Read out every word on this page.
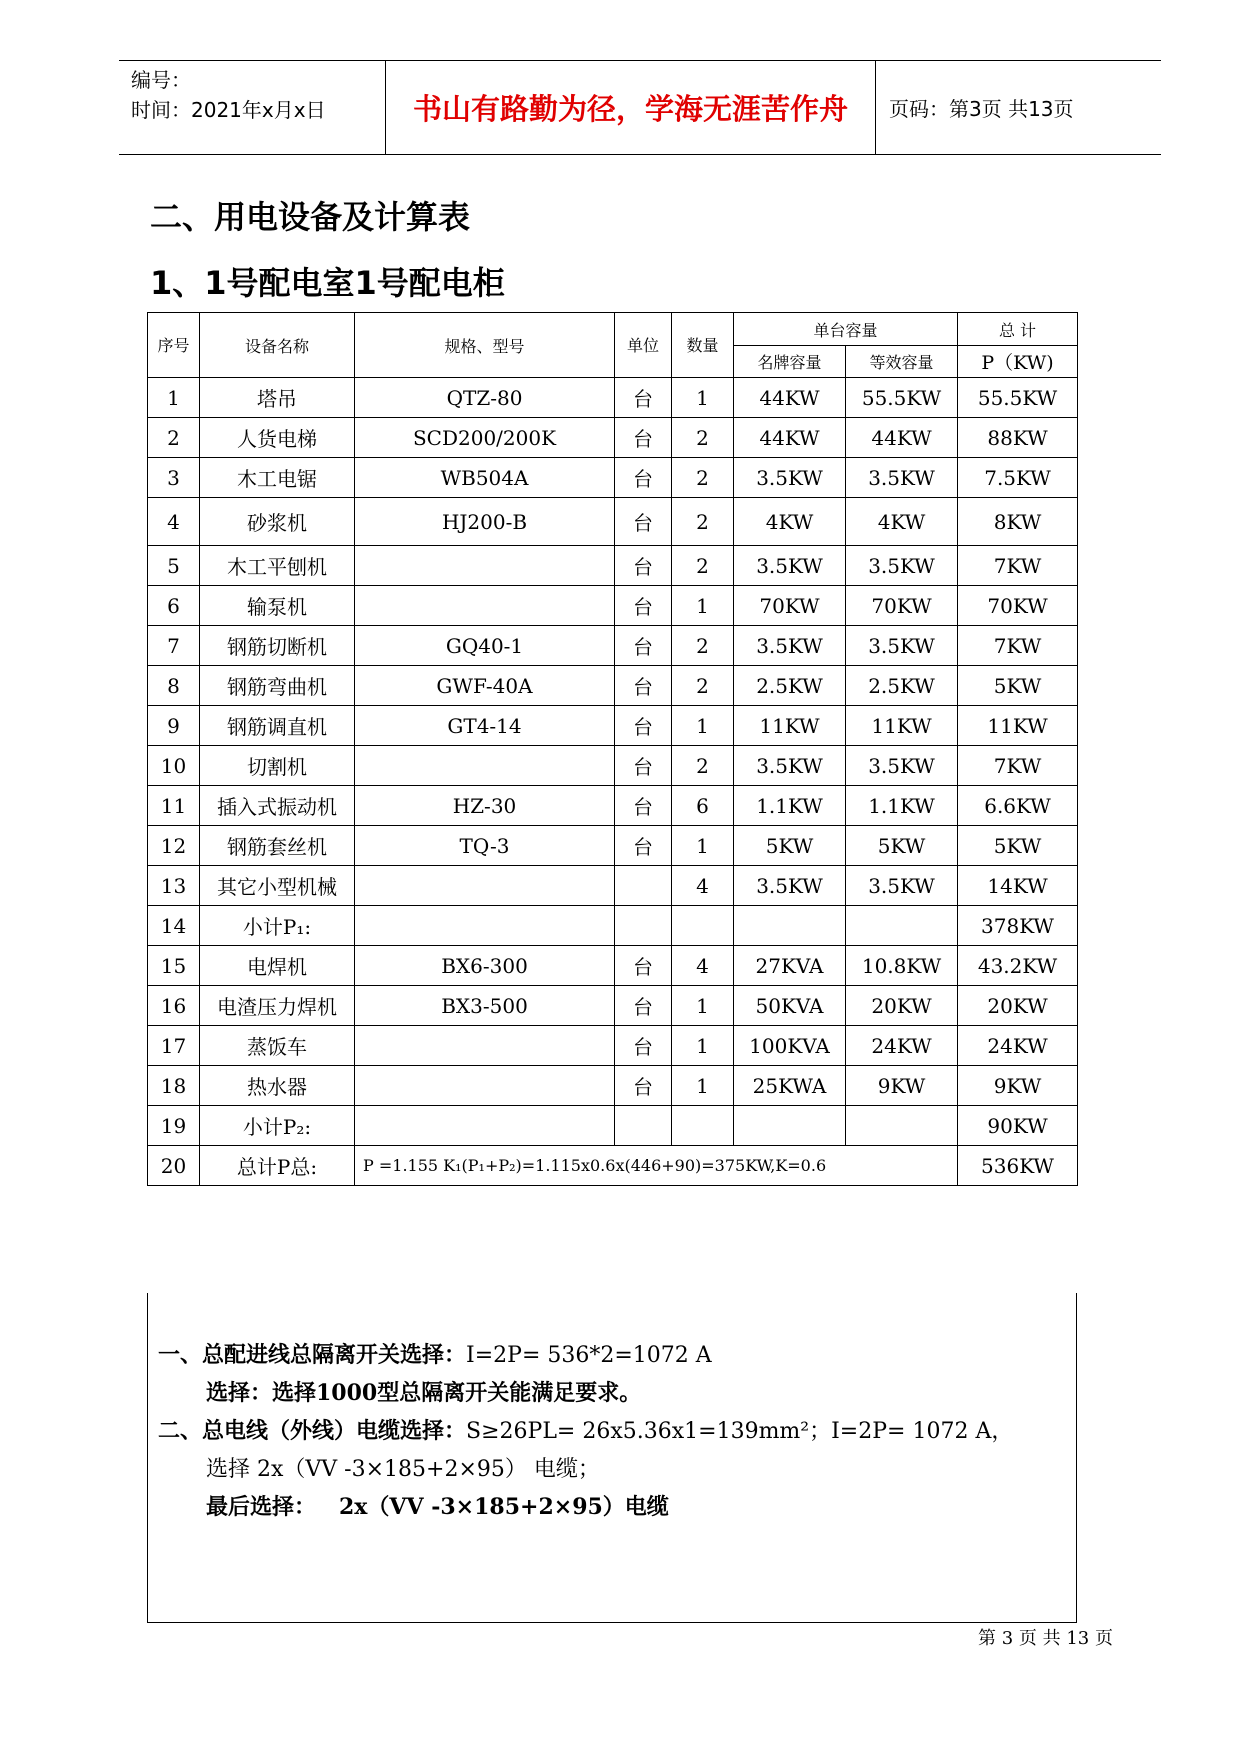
编号：
时间：2021年x月x日	书山有路勤为径，学海无涯苦作舟	页码：第3页 共13页
二、用电设备及计算表
1、1号配电室1号配电柜
序号	设备名称	规格、型号	单位	数量	单台容量		总 计
					名牌容量	等效容量	P（KW)
1	塔吊	QTZ-80	台	1	44KW	55.5KW	55.5KW
2	人货电梯	SCD200/200K	台	2	44KW	44KW	88KW
3	木工电锯	WB504A	台	2	3.5KW	3.5KW	7.5KW
4	砂浆机	HJ200-B	台	2	4KW	4KW	8KW
5	木工平刨机		台	2	3.5KW	3.5KW	7KW
6	输泵机		台	1	70KW	70KW	70KW
7	钢筋切断机	GQ40-1	台	2	3.5KW	3.5KW	7KW
8	钢筋弯曲机	GWF-40A	台	2	2.5KW	2.5KW	5KW
9	钢筋调直机	GT4-14	台	1	11KW	11KW	11KW
10	切割机		台	2	3.5KW	3.5KW	7KW
11	插入式振动机	HZ-30	台	6	1.1KW	1.1KW	6.6KW
12	钢筋套丝机	TQ-3	台	1	5KW	5KW	5KW
13	其它小型机械			4	3.5KW	3.5KW	14KW
14	小计P₁:						378KW
15	电焊机	BX6-300	台	4	27KVA	10.8KW	43.2KW
16	电渣压力焊机	BX3-500	台	1	50KVA	20KW	20KW
17	蒸饭车		台	1	100KVA	24KW	24KW
18	热水器		台	1	25KWA	9KW	9KW
19	小计P₂:						90KW
20	总计P总:	P =1.155 K₁(P₁+P₂)=1.115x0.6x(446+90)=375KW,K=0.6					536KW
一、总配进线总隔离开关选择：I=2P= 536*2=1072 A
选择：选择1000型总隔离开关能满足要求。
二、总电线（外线）电缆选择：S≥26PL= 26x5.36x1=139mm²；I=2P= 1072 A，
选择 2x（VV -3×185+2×95） 电缆；
最后选择： 2x（VV -3×185+2×95）电缆
第 3 页 共 13 页
